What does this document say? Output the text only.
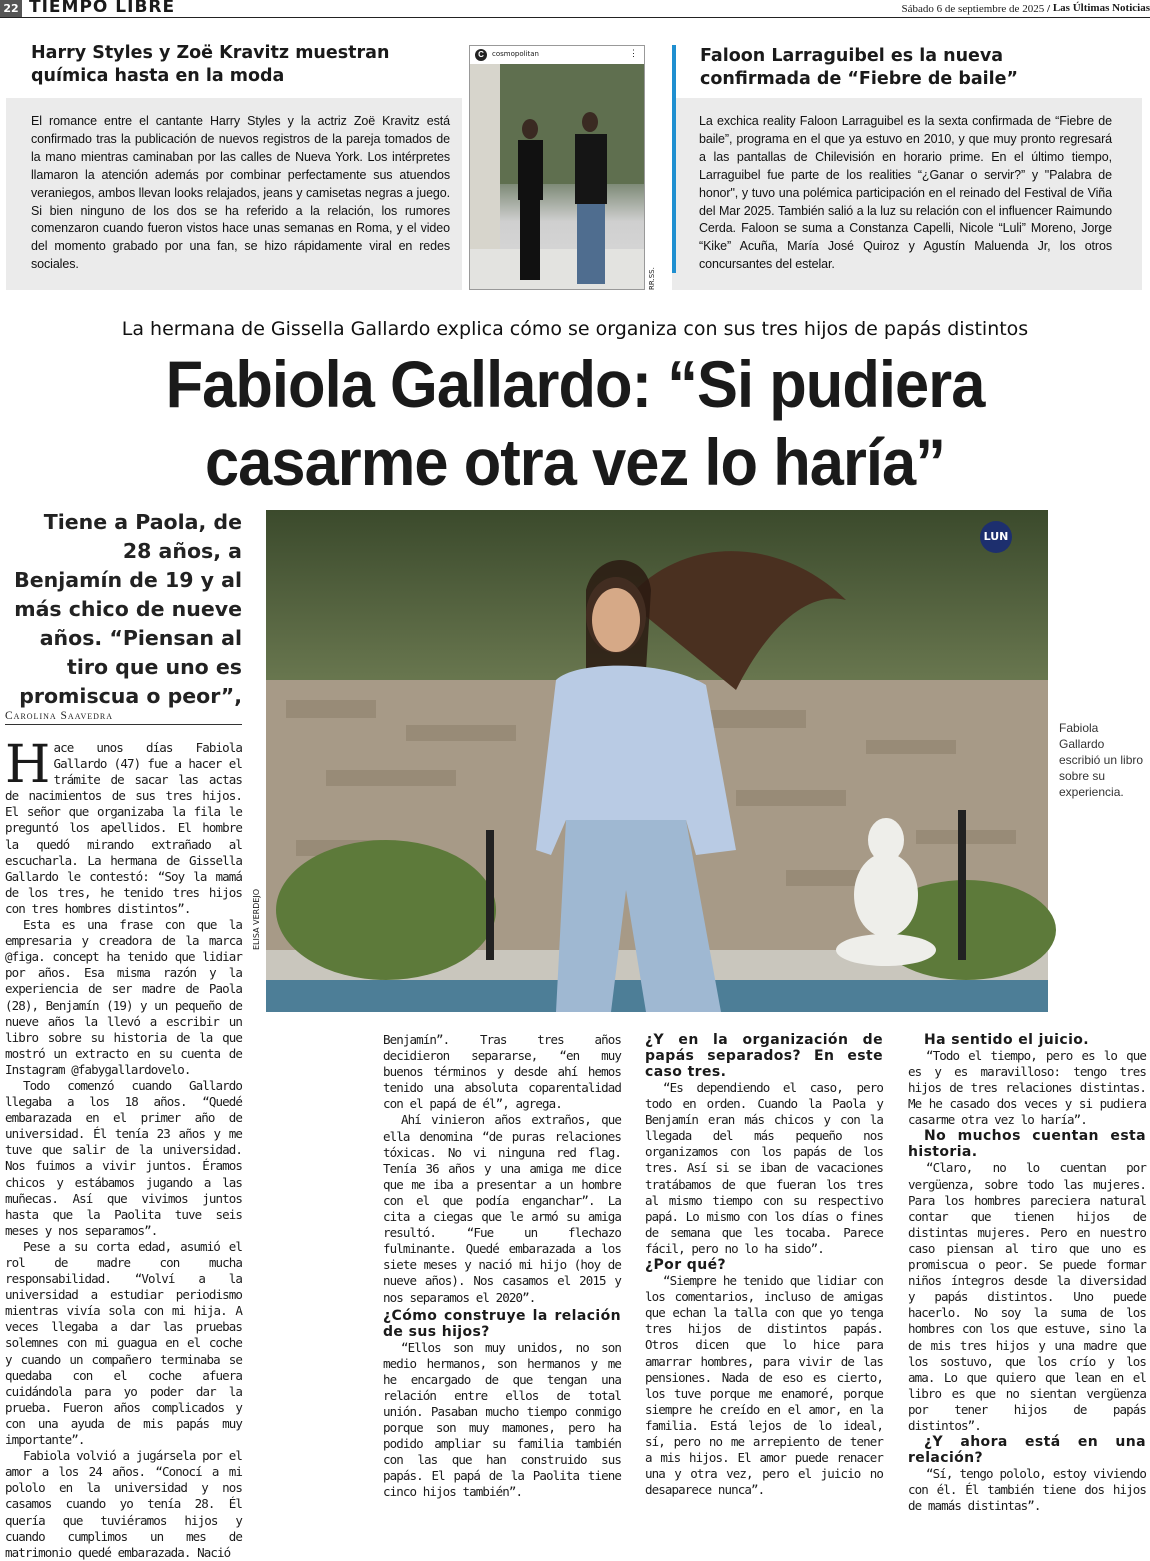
22 TIEMPO LIBRE	Sábado 6 de septiembre de 2025 / Las Últimas Noticias
Harry Styles y Zoë Kravitz muestran química hasta en la moda
El romance entre el cantante Harry Styles y la actriz Zoë Kravitz está confirmado tras la publicación de nuevos registros de la pareja tomados de la mano mientras caminaban por las calles de Nueva York. Los intérpretes llamaron la atención además por combinar perfectamente sus atuendos veraniegos, ambos llevan looks relajados, jeans y camisetas negras a juego. Si bien ninguno de los dos se ha referido a la relación, los rumores comenzaron cuando fueron vistos hace unas semanas en Roma, y el video del momento grabado por una fan, se hizo rápidamente viral en redes sociales.
C	cosmopolitan	⋮
RR.SS.
Faloon Larraguibel es la nueva confirmada de “Fiebre de baile”
La exchica reality Faloon Larraguibel es la sexta confirmada de “Fiebre de baile”, programa en el que ya estuvo en 2010, y que muy pronto regresará a las pantallas de Chilevisión en horario prime. En el último tiempo, Larraguibel fue parte de los realities “¿Ganar o servir?” y "Palabra de honor", y tuvo una polémica participación en el reinado del Festival de Viña del Mar 2025. También salió a la luz su relación con el influencer Raimundo Cerda. Faloon se suma a Constanza Capelli, Nicole “Luli” Moreno, Jorge “Kike” Acuña, María José Quiroz y Agustín Maluenda Jr, los otros concursantes del estelar.
La hermana de Gissella Gallardo explica cómo se organiza con sus tres hijos de papás distintos
Fabiola Gallardo: “Si pudiera
casarme otra vez lo haría”
Tiene a Paola, de 28 años, a Benjamín de 19 y al más chico de nueve años. “Piensan al tiro que uno es promiscua o peor”,
LUN
ELISA VERDEJO
Fabiola Gallardo escribió un libro sobre su experiencia.
Carolina Saavedra
H ace unos días Fabiola Gallardo (47) fue a hacer el trámite de sacar las actas de nacimientos de sus tres hijos. El señor que organizaba la fila le preguntó los apellidos. El hombre la quedó mirando extrañado al escucharla. La hermana de Gissella Gallardo le contestó: “Soy la mamá de los tres, he tenido tres hijos con tres hombres distintos”.

Esta es una frase con que la empresaria y creadora de la marca @figa. concept ha tenido que lidiar por años. Esa misma razón y la experiencia de ser madre de Paola (28), Benjamín (19) y un pequeño de nueve años la llevó a escribir un libro sobre su historia de la que mostró un extracto en su cuenta de Instagram @fabygallardovelo.

Todo comenzó cuando Gallardo llegaba a los 18 años. “Quedé embarazada en el primer año de universidad. Él tenía 23 años y me tuve que salir de la universidad. Nos fuimos a vivir juntos. Éramos chicos y estábamos jugando a las muñecas. Así que vivimos juntos hasta que la Paolita tuve seis meses y nos separamos”.

Pese a su corta edad, asumió el rol de madre con mucha responsabilidad. “Volví a la universidad a estudiar periodismo mientras vivía sola con mi hija. A veces llegaba a dar las pruebas solemnes con mi guagua en el coche y cuando un compañero terminaba se quedaba con el coche afuera cuidándola para yo poder dar la prueba. Fueron años complicados y con una ayuda de mis papás muy importante”.

Fabiola volvió a jugársela por el amor a los 24 años. “Conocí a mi pololo en la universidad y nos casamos cuando yo tenía 28. Él quería que tuviéramos hijos y cuando cumplimos un mes de matrimonio quedé embarazada. Nació

Benjamín”. Tras tres años decidieron separarse, “en muy buenos términos y desde ahí hemos tenido una absoluta coparentalidad con el papá de él”, agrega.

Ahí vinieron años extraños, que ella denomina “de puras relaciones tóxicas. No vi ninguna red flag. Tenía 36 años y una amiga me dice que me iba a presentar a un hombre con el que podía enganchar”. La cita a ciegas que le armó su amiga resultó. “Fue un flechazo fulminante. Quedé embarazada a los siete meses y nació mi hijo (hoy de nueve años). Nos casamos el 2015 y nos separamos el 2020”.

¿Cómo construye la relación de sus hijos?

“Ellos son muy unidos, no son medio hermanos, son hermanos y me he encargado de que tengan una relación entre ellos de total unión. Pasaban mucho tiempo conmigo porque son muy mamones, pero ha podido ampliar su familia también con las que han construido sus papás. El papá de la Paolita tiene cinco hijos también”.

¿Y en la organización de papás separados? En este caso tres.

“Es dependiendo el caso, pero todo en orden. Cuando la Paola y Benjamín eran más chicos y con la llegada del más pequeño nos organizamos con los papás de los tres. Así si se iban de vacaciones tratábamos de que fueran los tres al mismo tiempo con su respectivo papá. Lo mismo con los días o fines de semana que les tocaba. Parece fácil, pero no lo ha sido”.

¿Por qué?

“Siempre he tenido que lidiar con los comentarios, incluso de amigas que echan la talla con que yo tenga tres hijos de distintos papás. Otros dicen que lo hice para amarrar hombres, para vivir de las pensiones. Nada de eso es cierto, los tuve porque me enamoré, porque siempre he creído en el amor, en la familia. Está lejos de lo ideal, sí, pero no me arrepiento de tener a mis hijos. El amor puede renacer una y otra vez, pero el juicio no desaparece nunca”.

Ha sentido el juicio.

“Todo el tiempo, pero es lo que es y es maravilloso: tengo tres hijos de tres relaciones distintas. Me he casado dos veces y si pudiera casarme otra vez lo haría”.

No muchos cuentan esta historia.

“Claro, no lo cuentan por vergüenza, sobre todo las mujeres. Para los hombres pareciera natural contar que tienen hijos de distintas mujeres. Pero en nuestro caso piensan al tiro que uno es promiscua o peor. Se puede formar niños íntegros desde la diversidad y papás distintos. Uno puede hacerlo. No soy la suma de los hombres con los que estuve, sino la de mis tres hijos y una madre que los sostuvo, que los crío y los ama. Lo que quiero que lean en el libro es que no sientan vergüenza por tener hijos de papás distintos”.

¿Y ahora está en una relación?

“Sí, tengo pololo, estoy viviendo con él. Él también tiene dos hijos de mamás distintas”.
